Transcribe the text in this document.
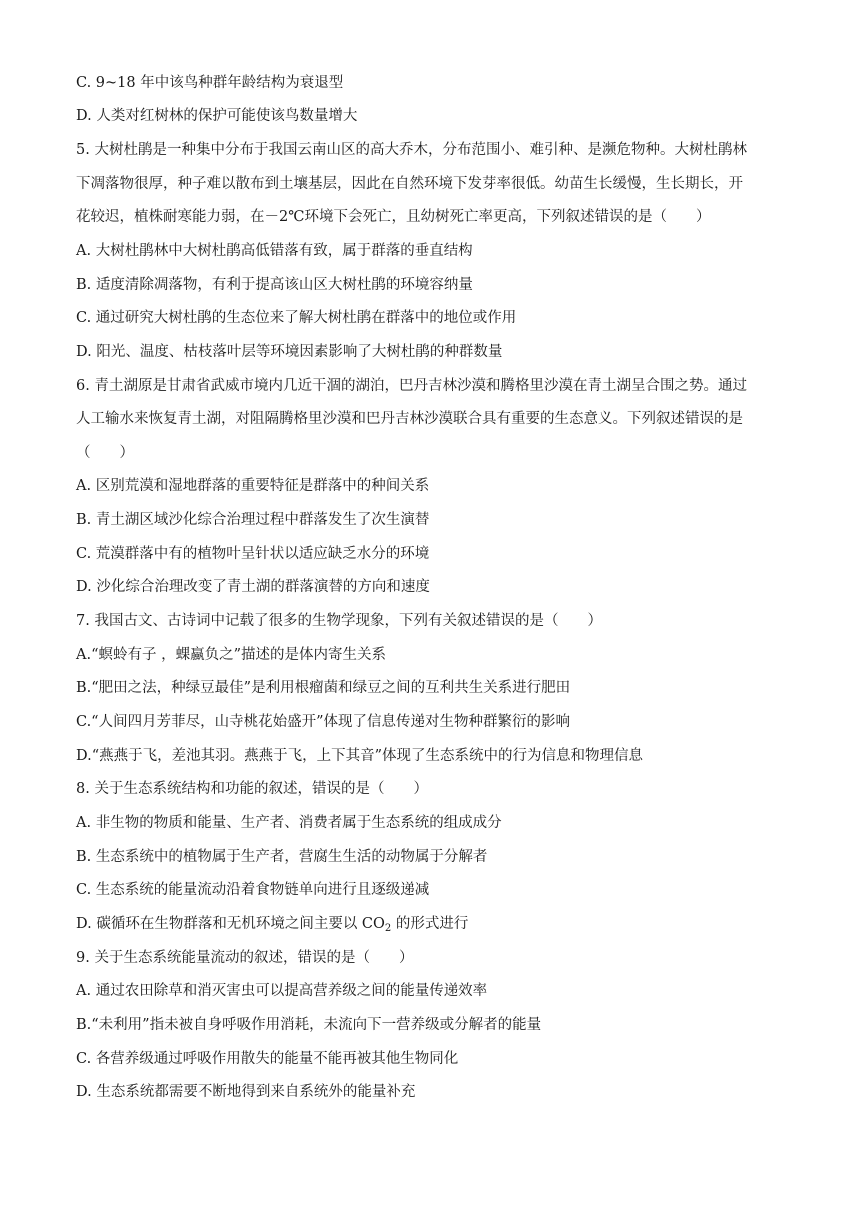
C. 9~18 年中该鸟种群年龄结构为衰退型
D. 人类对红树林的保护可能使该鸟数量增大
5. 大树杜鹃是一种集中分布于我国云南山区的高大乔木，分布范围小、难引种、是濒危物种。大树杜鹃林
下凋落物很厚，种子难以散布到土壤基层，因此在自然环境下发芽率很低。幼苗生长缓慢，生长期长，开
花较迟，植株耐寒能力弱，在－2℃环境下会死亡，且幼树死亡率更高，下列叙述错误的是（　　）
A. 大树杜鹃林中大树杜鹃高低错落有致，属于群落的垂直结构
B. 适度清除凋落物，有利于提高该山区大树杜鹃的环境容纳量
C. 通过研究大树杜鹃的生态位来了解大树杜鹃在群落中的地位或作用
D. 阳光、温度、枯枝落叶层等环境因素影响了大树杜鹃的种群数量
6. 青土湖原是甘肃省武威市境内几近干涸的湖泊，巴丹吉林沙漠和腾格里沙漠在青土湖呈合围之势。通过
人工输水来恢复青土湖，对阻隔腾格里沙漠和巴丹吉林沙漠联合具有重要的生态意义。下列叙述错误的是
（　　）
A. 区别荒漠和湿地群落的重要特征是群落中的种间关系
B. 青土湖区域沙化综合治理过程中群落发生了次生演替
C. 荒漠群落中有的植物叶呈针状以适应缺乏水分的环境
D. 沙化综合治理改变了青土湖的群落演替的方向和速度
7. 我国古文、古诗词中记载了很多的生物学现象，下列有关叙述错误的是（　　）
A.“螟蛉有子 ，蜾蠃负之”描述的是体内寄生关系
B.“肥田之法，种绿豆最佳”是利用根瘤菌和绿豆之间的互利共生关系进行肥田
C.“人间四月芳菲尽，山寺桃花始盛开”体现了信息传递对生物种群繁衍的影响
D.“燕燕于飞，差池其羽。燕燕于飞，上下其音”体现了生态系统中的行为信息和物理信息
8. 关于生态系统结构和功能的叙述，错误的是（　　）
A. 非生物的物质和能量、生产者、消费者属于生态系统的组成成分
B. 生态系统中的植物属于生产者，营腐生生活的动物属于分解者
C. 生态系统的能量流动沿着食物链单向进行且逐级递减
D. 碳循环在生物群落和无机环境之间主要以 $CO_2$ 的形式进行
9. 关于生态系统能量流动的叙述，错误的是（　　）
A. 通过农田除草和消灭害虫可以提高营养级之间的能量传递效率
B.“未利用”指未被自身呼吸作用消耗，未流向下一营养级或分解者的能量
C. 各营养级通过呼吸作用散失的能量不能再被其他生物同化
D. 生态系统都需要不断地得到来自系统外的能量补充
